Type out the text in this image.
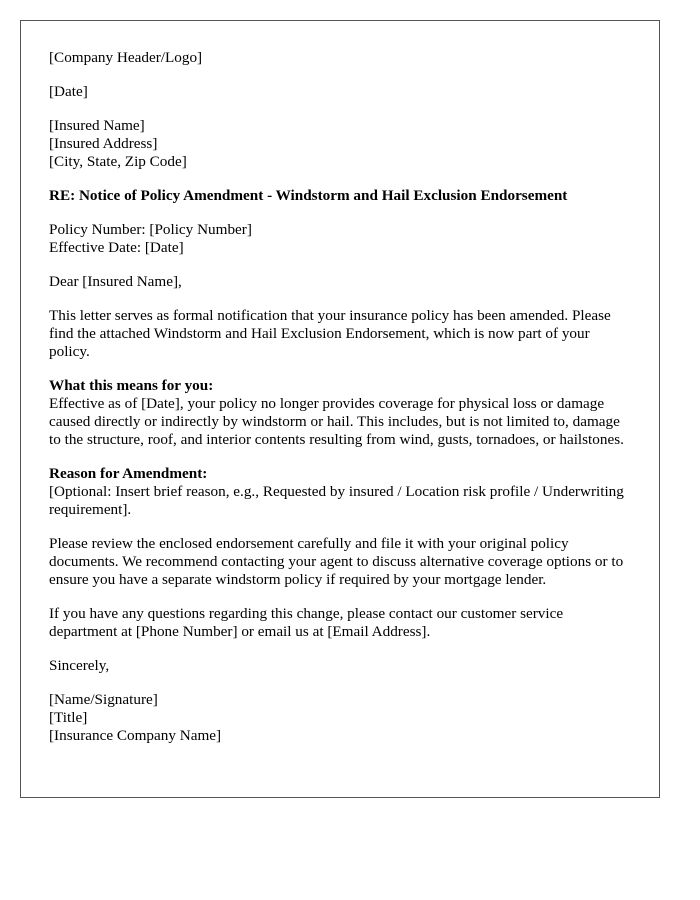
[Company Header/Logo]

[Date]

[Insured Name]
[Insured Address]
[City, State, Zip Code]

RE: Notice of Policy Amendment - Windstorm and Hail Exclusion Endorsement

Policy Number: [Policy Number]
Effective Date: [Date]

Dear [Insured Name],

This letter serves as formal notification that your insurance policy has been amended. Please find the attached Windstorm and Hail Exclusion Endorsement, which is now part of your policy.

What this means for you:
Effective as of [Date], your policy no longer provides coverage for physical loss or damage caused directly or indirectly by windstorm or hail. This includes, but is not limited to, damage to the structure, roof, and interior contents resulting from wind, gusts, tornadoes, or hailstones.

Reason for Amendment:
[Optional: Insert brief reason, e.g., Requested by insured / Location risk profile / Underwriting requirement].

Please review the enclosed endorsement carefully and file it with your original policy documents. We recommend contacting your agent to discuss alternative coverage options or to ensure you have a separate windstorm policy if required by your mortgage lender.

If you have any questions regarding this change, please contact our customer service department at [Phone Number] or email us at [Email Address].

Sincerely,

[Name/Signature]
[Title]
[Insurance Company Name]
